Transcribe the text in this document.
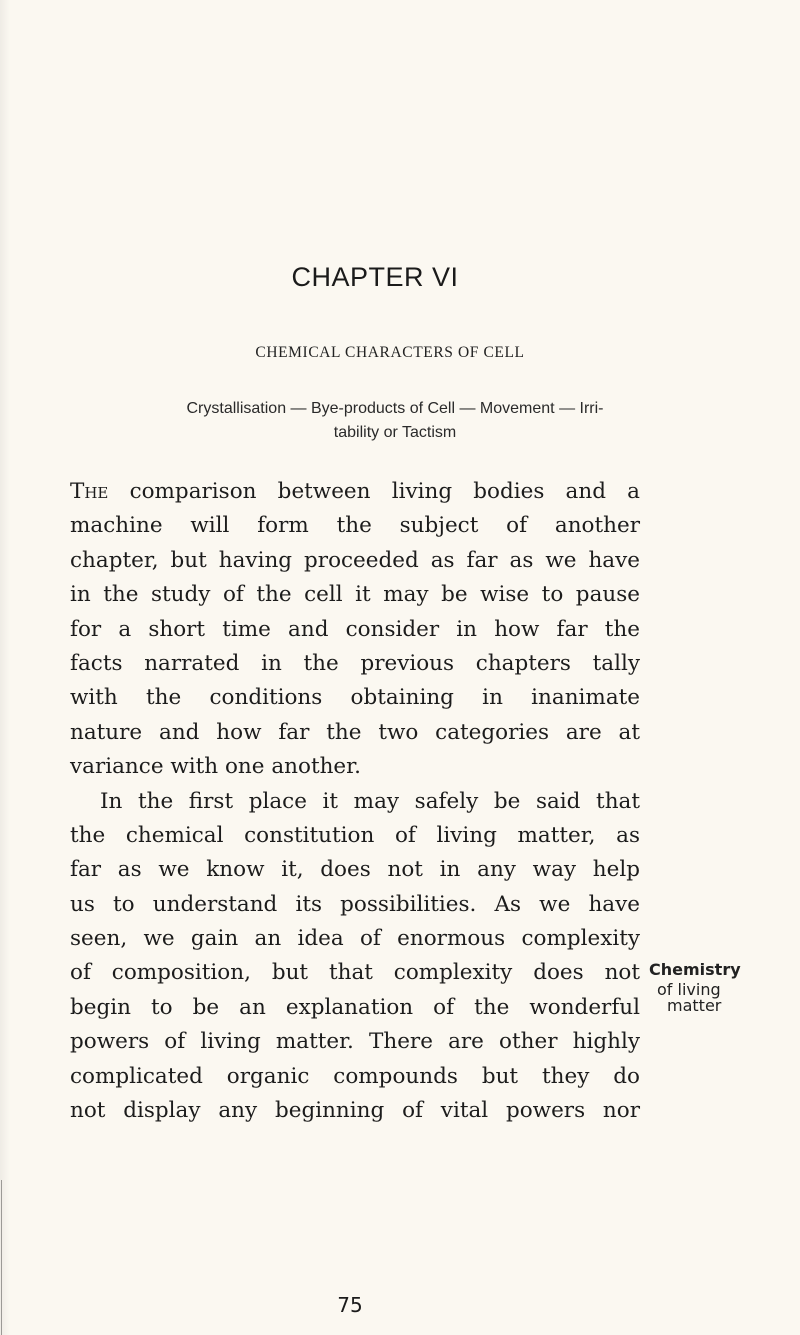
CHAPTER VI
CHEMICAL CHARACTERS OF CELL
Crystallisation — Bye-products of Cell — Movement — Irri-
tability or Tactism
The comparison between living bodies and a
machine will form the subject of another
chapter, but having proceeded as far as we have
in the study of the cell it may be wise to pause
for a short time and consider in how far the
facts narrated in the previous chapters tally
with the conditions obtaining in inanimate
nature and how far the two categories are at
variance with one another.
In the first place it may safely be said that
the chemical constitution of living matter, as
far as we know it, does not in any way help
us to understand its possibilities. As we have
seen, we gain an idea of enormous complexity
of composition, but that complexity does not
begin to be an explanation of the wonderful
powers of living matter. There are other highly
complicated organic compounds but they do
not display any beginning of vital powers nor
Chemistry
of living
matter
75
